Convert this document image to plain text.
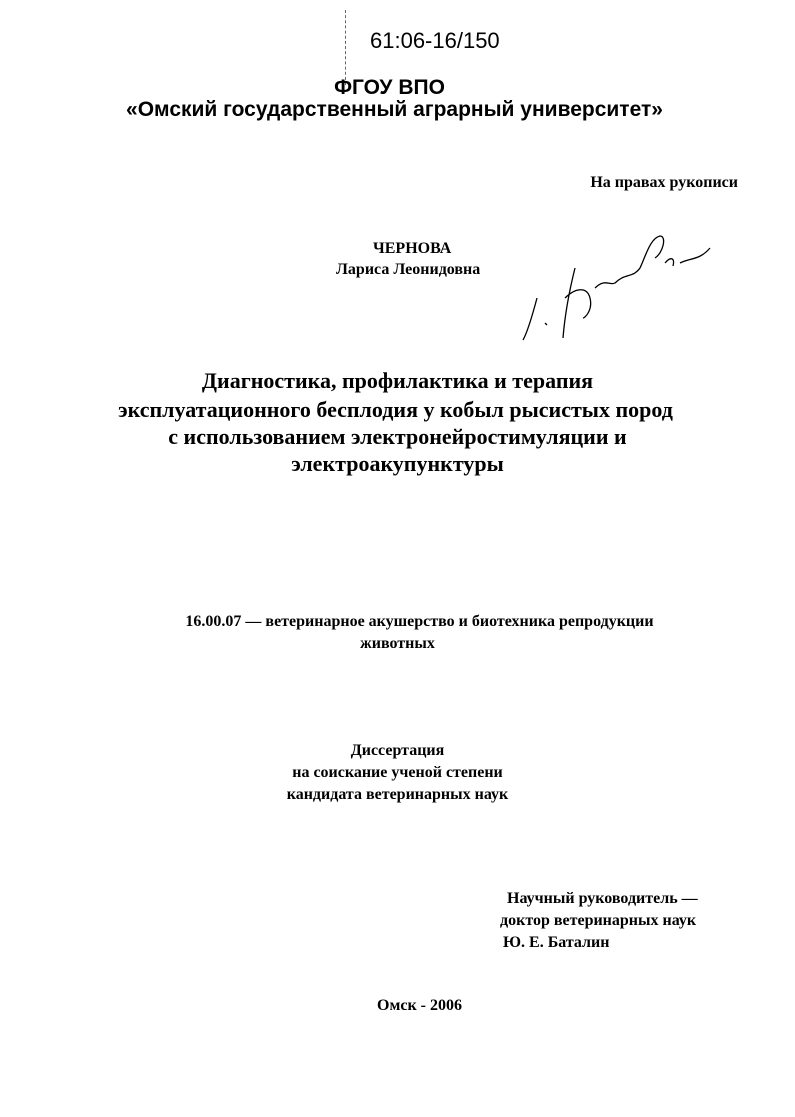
61:06-16/150
ФГОУ ВПО
«Омский государственный аграрный университет»
На правах рукописи
ЧЕРНОВА
Лариса Леонидовна
Диагностика, профилактика и терапия
эксплуатационного бесплодия у кобыл рысистых пород
с использованием электронейростимуляции и
электроакупунктуры
16.00.07 — ветеринарное акушерство и биотехника репродукции
животных
Диссертация
на соискание ученой степени
кандидата ветеринарных наук
Научный руководитель —
доктор ветеринарных наук
Ю. Е. Баталин
Омск - 2006
